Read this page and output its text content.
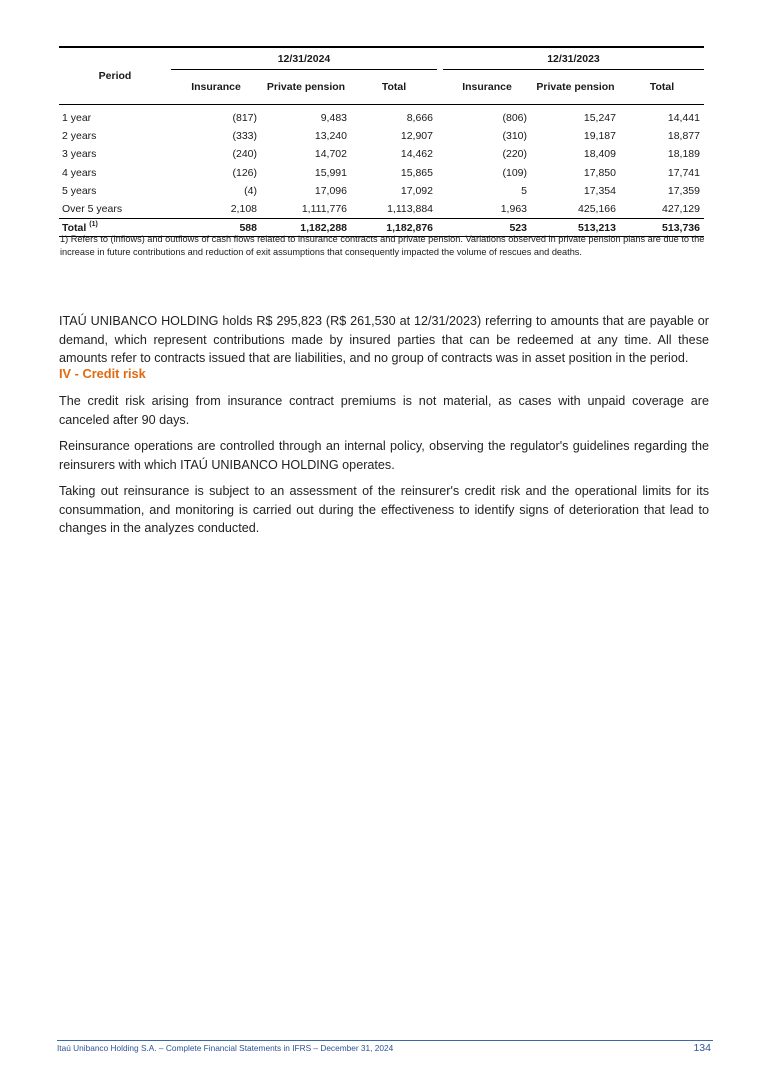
Period	12/31/2024				12/31/2023		
	Insurance	Private pension	Total		Insurance	Private pension	Total

1 year	(817)	9,483	8,666		(806)	15,247	14,441
2 years	(333)	13,240	12,907		(310)	19,187	18,877
3 years	(240)	14,702	14,462		(220)	18,409	18,189
4 years	(126)	15,991	15,865		(109)	17,850	17,741
5 years	(4)	17,096	17,092		5	17,354	17,359
Over 5 years	2,108	1,111,776	1,113,884		1,963	425,166	427,129
Total $^{(1)}$	588	1,182,288	1,182,876		523	513,213	513,736
1) Refers to (inflows) and outflows of cash flows related to insurance contracts and private pension. Variations observed in private pension plans are due to the increase in future contributions and reduction of exit assumptions that consequently impacted the volume of rescues and deaths.
ITAÚ UNIBANCO HOLDING holds R$ 295,823 (R$ 261,530 at 12/31/2023) referring to amounts that are payable or demand, which represent contributions made by insured parties that can be redeemed at any time. All these amounts refer to contracts issued that are liabilities, and no group of contracts was in asset position in the period.
IV - Credit risk
The credit risk arising from insurance contract premiums is not material, as cases with unpaid coverage are canceled after 90 days.
Reinsurance operations are controlled through an internal policy, observing the regulator's guidelines regarding the reinsurers with which ITAÚ UNIBANCO HOLDING operates.
Taking out reinsurance is subject to an assessment of the reinsurer's credit risk and the operational limits for its consummation, and monitoring is carried out during the effectiveness to identify signs of deterioration that lead to changes in the analyzes conducted.
Itaú Unibanco Holding S.A. – Complete Financial Statements in IFRS – December 31, 2024	134
